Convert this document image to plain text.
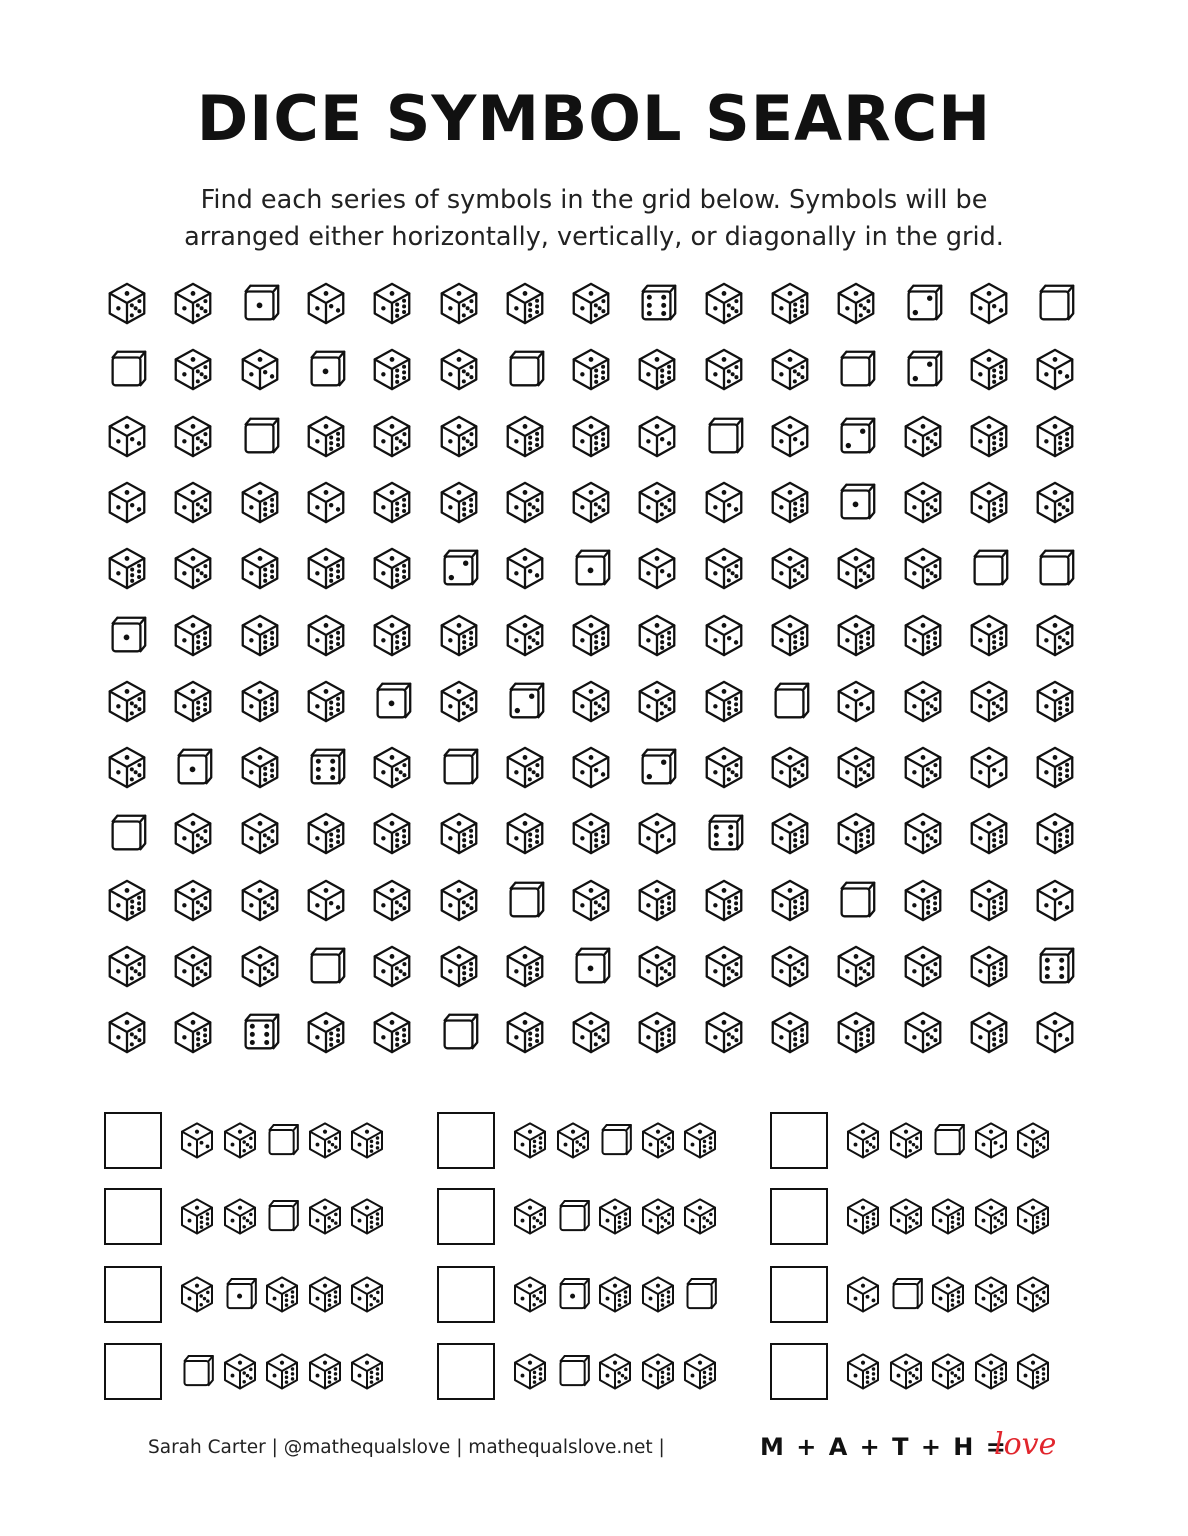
DICE SYMBOL SEARCH
Find each series of symbols in the grid below. Symbols will be
arranged either horizontally, vertically, or diagonally in the grid.
Sarah Carter | @mathequalslove | mathequalslove.net |	M + A + T + H =
love
